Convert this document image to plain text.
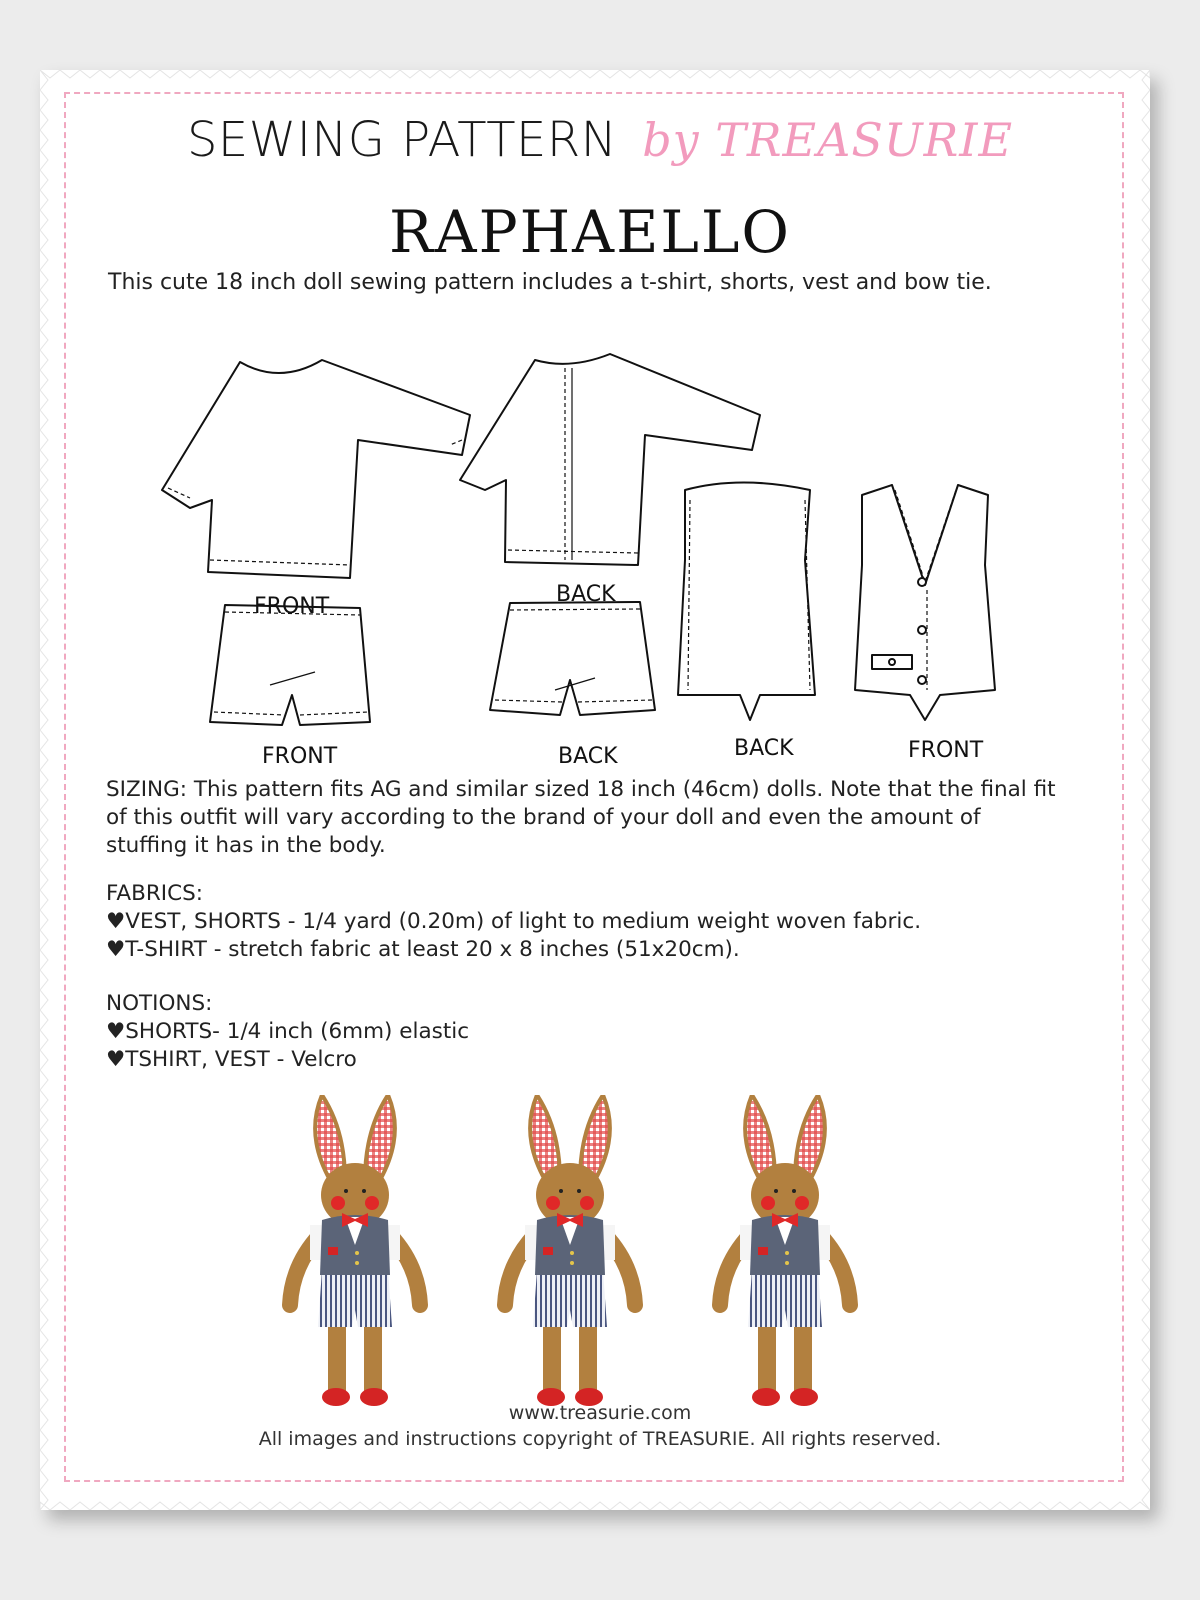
SEWING PATTERN by TREASURIE
RAPHAELLO
This cute 18 inch doll sewing pattern includes a t-shirt, shorts, vest and bow tie.
FRONT	BACK
FRONT	BACK	BACK	FRONT

SIZING: This pattern fits AG and similar sized 18 inch (46cm) dolls. Note that the final fit

of this outfit will vary according to the brand of your doll and even the amount of

stuffing it has in the body.

FABRICS:

♥VEST, SHORTS - 1/4 yard (0.20m) of light to medium weight woven fabric.

♥T-SHIRT - stretch fabric at least 20 x 8 inches (51x20cm).

NOTIONS:

♥SHORTS- 1/4 inch (6mm) elastic

♥TSHIRT, VEST - Velcro

www.treasurie.com
All images and instructions copyright of TREASURIE. All rights reserved.
